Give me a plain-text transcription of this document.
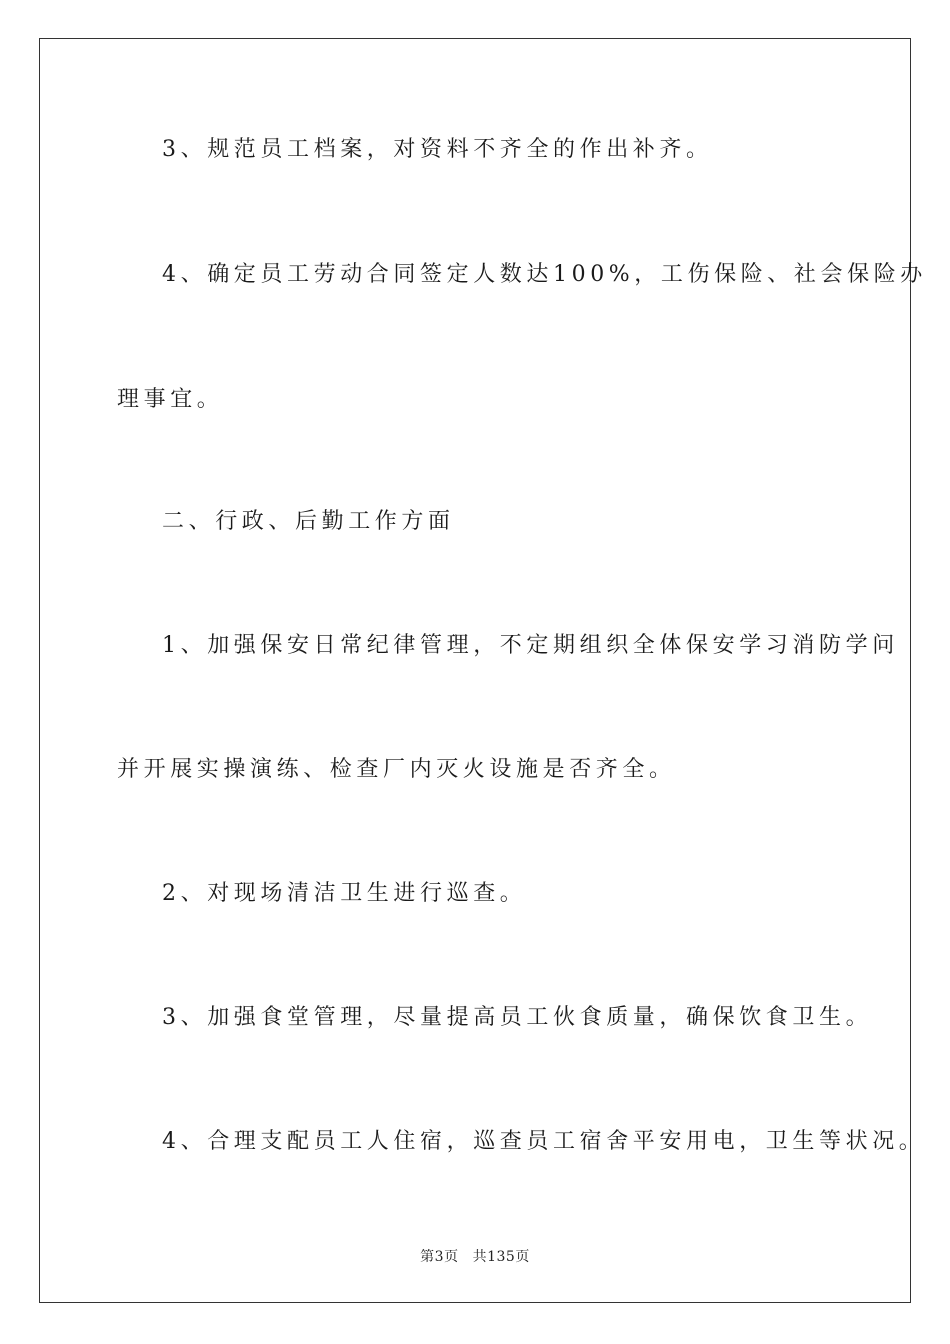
3、规范员工档案，对资料不齐全的作出补齐。
4、确定员工劳动合同签定人数达100%，工伤保险、社会保险办
理事宜。
二、行政、后勤工作方面
1、加强保安日常纪律管理，不定期组织全体保安学习消防学问
并开展实操演练、检查厂内灭火设施是否齐全。
2、对现场清洁卫生进行巡查。
3、加强食堂管理，尽量提高员工伙食质量，确保饮食卫生。
4、合理支配员工人住宿，巡查员工宿舍平安用电，卫生等状况。
第3页 共135页
